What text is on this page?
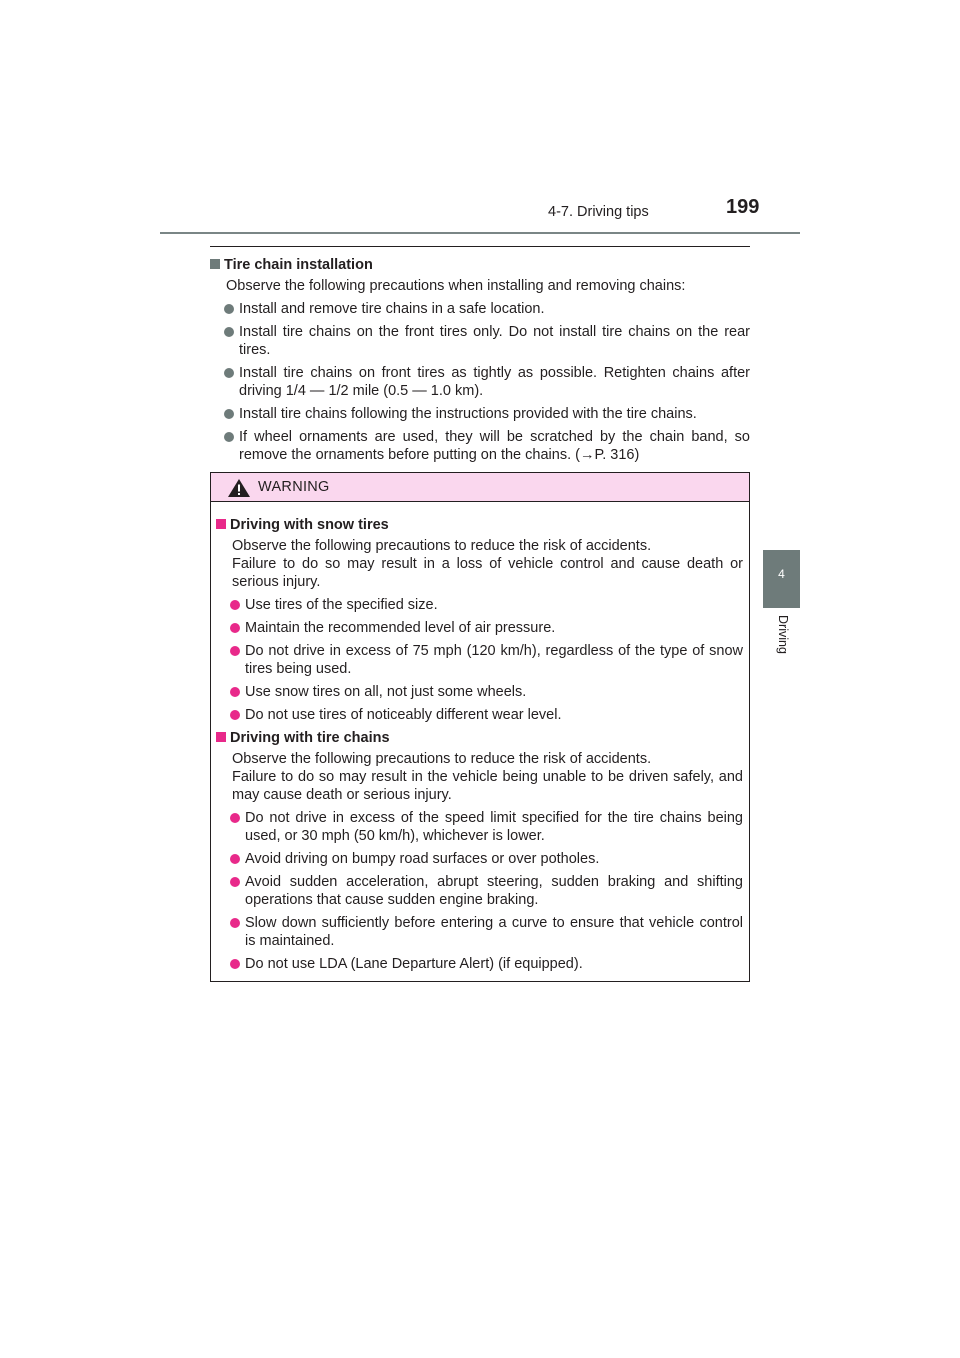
4-7. Driving tips	199
4
Driving
Tire chain installation
Observe the following precautions when installing and removing chains:
Install and remove tire chains in a safe location.
Install tire chains on the front tires only. Do not install tire chains on the rear tires.
Install tire chains on front tires as tightly as possible. Retighten chains after driving 1/4 — 1/2 mile (0.5 — 1.0 km).
Install tire chains following the instructions provided with the tire chains.
If wheel ornaments are used, they will be scratched by the chain band, so remove the ornaments before putting on the chains. (→P. 316)
WARNING
Driving with snow tires
Observe the following precautions to reduce the risk of accidents.
Failure to do so may result in a loss of vehicle control and cause death or serious injury.
Use tires of the specified size.
Maintain the recommended level of air pressure.
Do not drive in excess of 75 mph (120 km/h), regardless of the type of snow tires being used.
Use snow tires on all, not just some wheels.
Do not use tires of noticeably different wear level.
Driving with tire chains
Observe the following precautions to reduce the risk of accidents.
Failure to do so may result in the vehicle being unable to be driven safely, and may cause death or serious injury.
Do not drive in excess of the speed limit specified for the tire chains being used, or 30 mph (50 km/h), whichever is lower.
Avoid driving on bumpy road surfaces or over potholes.
Avoid sudden acceleration, abrupt steering, sudden braking and shifting operations that cause sudden engine braking.
Slow down sufficiently before entering a curve to ensure that vehicle control is maintained.
Do not use LDA (Lane Departure Alert) (if equipped).
